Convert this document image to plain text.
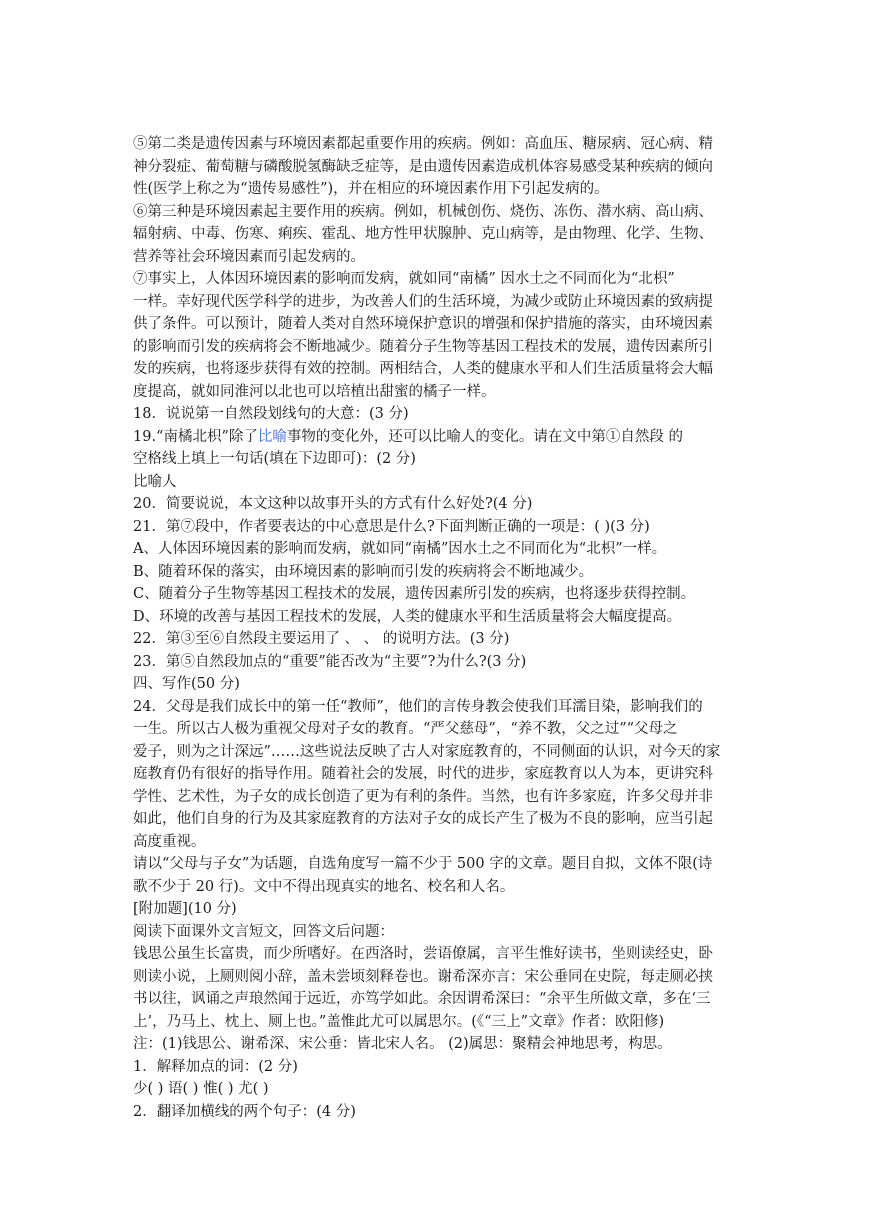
⑤第二类是遗传因素与环境因素都起重要作用的疾病。例如：高血压、糖尿病、冠心病、精
神分裂症、葡萄糖与磷酸脱氢酶缺乏症等，是由遗传因素造成机体容易感受某种疾病的倾向
性(医学上称之为“遗传易感性”)，并在相应的环境因素作用下引起发病的。
⑥第三种是环境因素起主要作用的疾病。例如，机械创伤、烧伤、冻伤、潜水病、高山病、
辐射病、中毒、伤寒、痢疾、霍乱、地方性甲状腺肿、克山病等，是由物理、化学、生物、
营养等社会环境因素而引起发病的。
⑦事实上，人体因环境因素的影响而发病，就如同“南橘” 因水土之不同而化为“北枳”
一样。幸好现代医学科学的进步，为改善人们的生活环境，为减少或防止环境因素的致病提
供了条件。可以预计，随着人类对自然环境保护意识的增强和保护措施的落实，由环境因素
的影响而引发的疾病将会不断地减少。随着分子生物等基因工程技术的发展，遗传因素所引
发的疾病，也将逐步获得有效的控制。两相结合，人类的健康水平和人们生活质量将会大幅
度提高，就如同淮河以北也可以培植出甜蜜的橘子一样。
18．说说第一自然段划线句的大意：(3 分)
19.“南橘北枳”除了比喻事物的变化外，还可以比喻人的变化。请在文中第①自然段 的
空格线上填上一句话(填在下边即可)：(2 分)
比喻人
20．简要说说，本文这种以故事开头的方式有什么好处?(4 分)
21．第⑦段中，作者要表达的中心意思是什么?下面判断正确的一项是：( )(3 分)
A、人体因环境因素的影响而发病，就如同“南橘”因水土之不同而化为“北枳”一样。
B、随着环保的落实，由环境因素的影响而引发的疾病将会不断地减少。
C、随着分子生物等基因工程技术的发展，遗传因素所引发的疾病，也将逐步获得控制。
D、环境的改善与基因工程技术的发展，人类的健康水平和生活质量将会大幅度提高。
22．第③至⑥自然段主要运用了 、 、 的说明方法。(3 分)
23．第⑤自然段加点的“重要”能否改为“主要”?为什么?(3 分)
四、写作(50 分)
24．父母是我们成长中的第一任“教师”，他们的言传身教会使我们耳濡目染，影响我们的
一生。所以古人极为重视父母对子女的教育。“严父慈母”，“养不教，父之过”“父母之
爱子，则为之计深远”……这些说法反映了古人对家庭教育的，不同侧面的认识，对今天的家
庭教育仍有很好的指导作用。随着社会的发展，时代的进步，家庭教育以人为本，更讲究科
学性、艺术性，为子女的成长创造了更为有利的条件。当然，也有许多家庭，许多父母并非
如此，他们自身的行为及其家庭教育的方法对子女的成长产生了极为不良的影响，应当引起
高度重视。
请以“父母与子女”为话题，自选角度写一篇不少于 500 字的文章。题目自拟，文体不限(诗
歌不少于 20 行)。文中不得出现真实的地名、校名和人名。
[附加题](10 分)
阅读下面课外文言短文，回答文后问题：
钱思公虽生长富贵，而少所嗜好。在西洛时，尝语僚属，言平生惟好读书，坐则读经史，卧
则读小说，上厕则阅小辞，盖未尝顷刻释卷也。谢希深亦言：宋公垂同在史院，每走厕必挟
书以往，讽诵之声琅然闻于远近，亦笃学如此。余因谓希深曰：“余平生所做文章，多在‘三
上’，乃马上、枕上、厕上也。”盖惟此尤可以属思尔。(《“三上”文章》作者：欧阳修)
注：(1)钱思公、谢希深、宋公垂：皆北宋人名。 (2)属思：聚精会神地思考，构思。
1．解释加点的词：(2 分)
少( ) 语( ) 惟( ) 尤( )
2．翻译加横线的两个句子：(4 分)
